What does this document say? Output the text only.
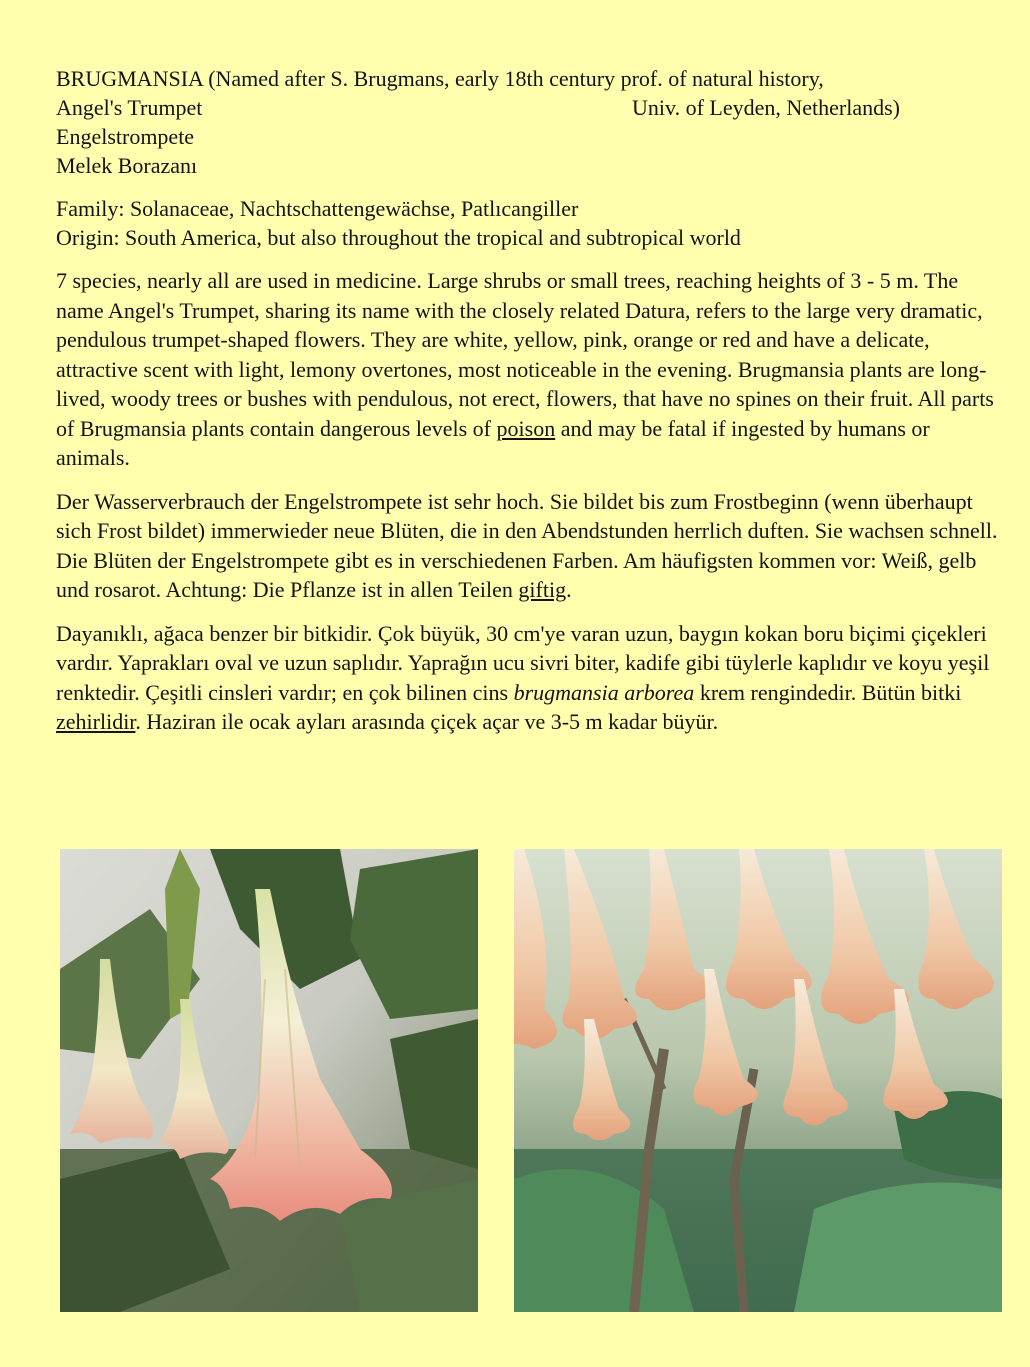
BRUGMANSIA (Named after S. Brugmans, early 18th century prof. of natural history,
Angel's Trumpet	Univ. of Leyden, Netherlands)
Engelstrompete
Melek Borazanı
Family: Solanaceae, Nachtschattengewächse, Patlıcangiller
Origin: South America, but also throughout the tropical and subtropical world

7 species, nearly all are used in medicine. Large shrubs or small trees, reaching heights of 3 - 5 m. The name Angel's Trumpet, sharing its name with the closely related Datura, refers to the large very dramatic, pendulous trumpet-shaped flowers. They are white, yellow, pink, orange or red and have a delicate, attractive scent with light, lemony overtones, most noticeable in the evening. Brugmansia plants are long-lived, woody trees or bushes with pendulous, not erect, flowers, that have no spines on their fruit. All parts of Brugmansia plants contain dangerous levels of poison and may be fatal if ingested by humans or animals.

Der Wasserverbrauch der Engelstrompete ist sehr hoch. Sie bildet bis zum Frostbeginn (wenn überhaupt sich Frost bildet) immerwieder neue Blüten, die in den Abendstunden herrlich duften. Sie wachsen schnell. Die Blüten der Engelstrompete gibt es in verschiedenen Farben. Am häufigsten kommen vor: Weiß, gelb und rosarot. Achtung: Die Pflanze ist in allen Teilen giftig.

Dayanıklı, ağaca benzer bir bitkidir. Çok büyük, 30 cm'ye varan uzun, baygın kokan boru biçimi çiçekleri vardır. Yaprakları oval ve uzun saplıdır. Yaprağın ucu sivri biter, kadife gibi tüylerle kaplıdır ve koyu yeşil renktedir. Çeşitli cinsleri vardır; en çok bilinen cins brugmansia arborea krem rengindedir. Bütün bitki zehirlidir. Haziran ile ocak ayları arasında çiçek açar ve 3-5 m kadar büyür.
